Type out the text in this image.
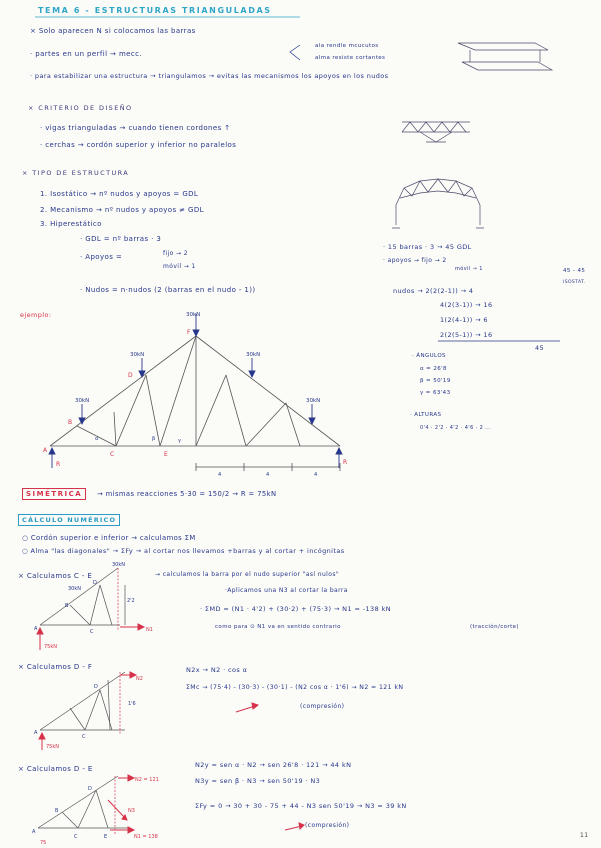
TEMA 6 - ESTRUCTURAS TRIANGULADAS
× Solo aparecen N si colocamos las barras
· partes en un perfil → mecc.
ala rendle mcucutos
alma resiste cortantes
· para estabilizar una estructura → triangulamos → evitas las mecanismos los apoyos en los nudos
× CRITERIO DE DISEÑO
· vigas trianguladas → cuando tienen cordones ↑
· cerchas → cordón superior y inferior no paralelos
× TIPO DE ESTRUCTURA
1. Isostático → nº nudos y apoyos = GDL
2. Mecanismo → nº nudos y apoyos ≠ GDL
3. Hiperestático
· GDL = nº barras · 3
· Apoyos =	fijo → 2
móvil → 1
· Nudos = n·nudos (2 (barras en el nudo - 1))
· 15 barras · 3 → 45 GDL
· apoyos → fijo → 2
móvil → 1	45 - 45
ISOSTAT.
nudos → 2(2(2-1)) → 4
4(2(3-1)) → 16
1(2(4-1)) → 6
2(2(5-1)) → 16
45
ejemplo:
· ÁNGULOS
α = 26'8
β = 50'19
γ = 63'43
· ALTURAS
0'4 · 2'2 · 4'2 · 4'6 · 2 ...
SIMÉTRICA	→ mismas reacciones 5·30 = 150/2 → R = 75kN
CÁLCULO NUMÉRICO
○ Cordón superior e inferior → calculamos ΣM
○ Alma "las diagonales" → ΣFy → al cortar nos llevamos +barras y al cortar + incógnitas
× Calculamos C - E	→ calculamos la barra por el nudo superior "así nulos"
·Aplicamos una N3 al cortar la barra
· ΣMD = (N1 · 4'2) + (30·2) + (75·3) → N1 = -138 kN
como para ⊙ N1 va en sentido contrario	(tracción/corte)
× Calculamos D - F	N2x → N2 · cos α
ΣMc → (75·4) - (30·3) - (30·1) - (N2 cos α · 1'6) → N2 = 121 kN
(compresión)
× Calculamos D - E	N2y = sen α · N2 → sen 26'8 · 121 → 44 kN
N3y = sen β · N3 → sen 50'19 · N3
ΣFy = 0 → 30 + 30 - 75 + 44 - N3 sen 50'19 → N3 = 39 kN
(compresión)
11
30kN
30kN	30kN
30kN	30kN
A
B
C
D
E
F
R	R
4	4	4
α	β	γ
30kN
30kN
B
D
A	C	N1
75kN
2'2
N2
A
C
D
75kN
1'6
N2 = 121
N3
N1 = 138
B
D
A
C	E
75
